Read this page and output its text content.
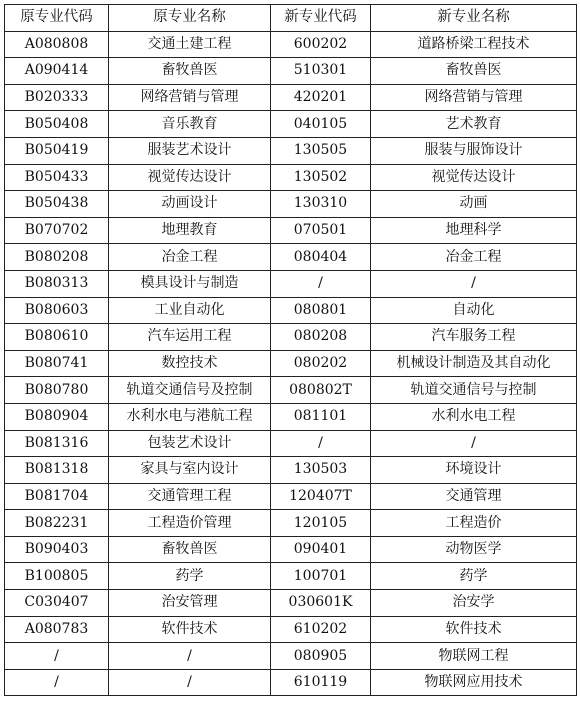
原专业代码	原专业名称	新专业代码	新专业名称
A080808	交通土建工程	600202	道路桥梁工程技术
A090414	畜牧兽医	510301	畜牧兽医
B020333	网络营销与管理	420201	网络营销与管理
B050408	音乐教育	040105	艺术教育
B050419	服装艺术设计	130505	服装与服饰设计
B050433	视觉传达设计	130502	视觉传达设计
B050438	动画设计	130310	动画
B070702	地理教育	070501	地理科学
B080208	冶金工程	080404	冶金工程
B080313	模具设计与制造	/	/
B080603	工业自动化	080801	自动化
B080610	汽车运用工程	080208	汽车服务工程
B080741	数控技术	080202	机械设计制造及其自动化
B080780	轨道交通信号及控制	080802T	轨道交通信号与控制
B080904	水利水电与港航工程	081101	水利水电工程
B081316	包装艺术设计	/	/
B081318	家具与室内设计	130503	环境设计
B081704	交通管理工程	120407T	交通管理
B082231	工程造价管理	120105	工程造价
B090403	畜牧兽医	090401	动物医学
B100805	药学	100701	药学
C030407	治安管理	030601K	治安学
A080783	软件技术	610202	软件技术
/	/	080905	物联网工程
/	/	610119	物联网应用技术
